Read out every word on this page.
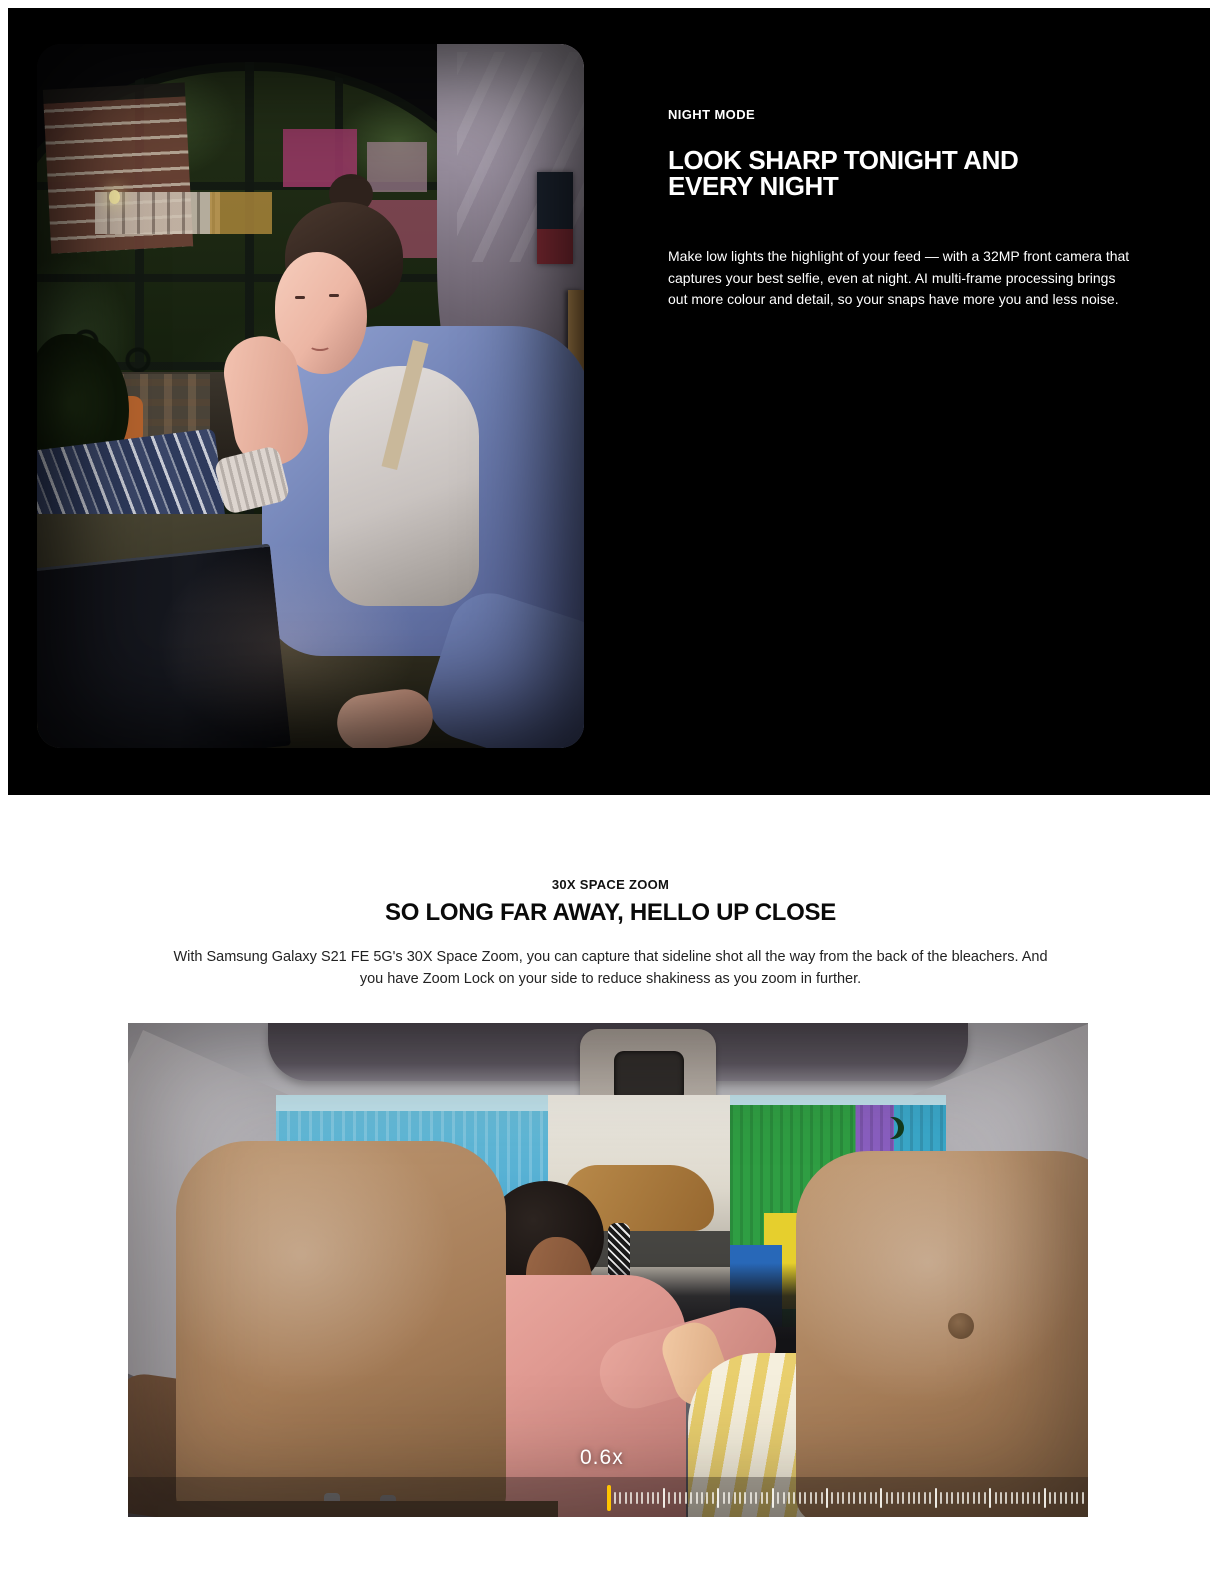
NIGHT MODE
LOOK SHARP TONIGHT AND
EVERY NIGHT

Make low lights the highlight of your feed — with a 32MP front camera that captures your best selfie, even at night. AI multi-frame processing brings out more colour and detail, so your snaps have more you and less noise.

30X SPACE ZOOM
SO LONG FAR AWAY, HELLO UP CLOSE
With Samsung Galaxy S21 FE 5G's 30X Space Zoom, you can capture that sideline shot all the way from the back of the bleachers. And
you have Zoom Lock on your side to reduce shakiness as you zoom in further.
0.6x
